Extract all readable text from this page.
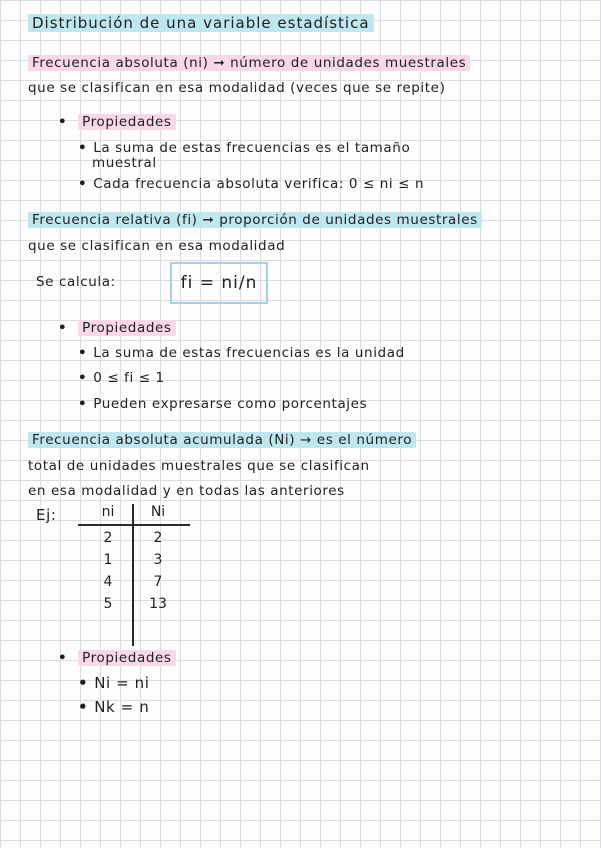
Distribución de una variable estadística
Frecuencia absoluta (ni) ➞ número de unidades muestrales
que se clasifican en esa modalidad (veces que se repite)
• Propiedades
• La suma de estas frecuencias es el tamaño
muestral
• Cada frecuencia absoluta verifica: 0 ≤ ni ≤ n
Frecuencia relativa (fi) ➞ proporción de unidades muestrales
que se clasifican en esa modalidad
Se calcula:	fi = ni/n
• Propiedades
• La suma de estas frecuencias es la unidad
• 0 ≤ fi ≤ 1
• Pueden expresarse como porcentajes
Frecuencia absoluta acumulada (Ni) → es el número
total de unidades muestrales que se clasifican
en esa modalidad y en todas las anteriores
Ej:	ni	Ni
2	2
1	3
4	7
5	13
• Propiedades
• Ni = ni
• Nk = n
